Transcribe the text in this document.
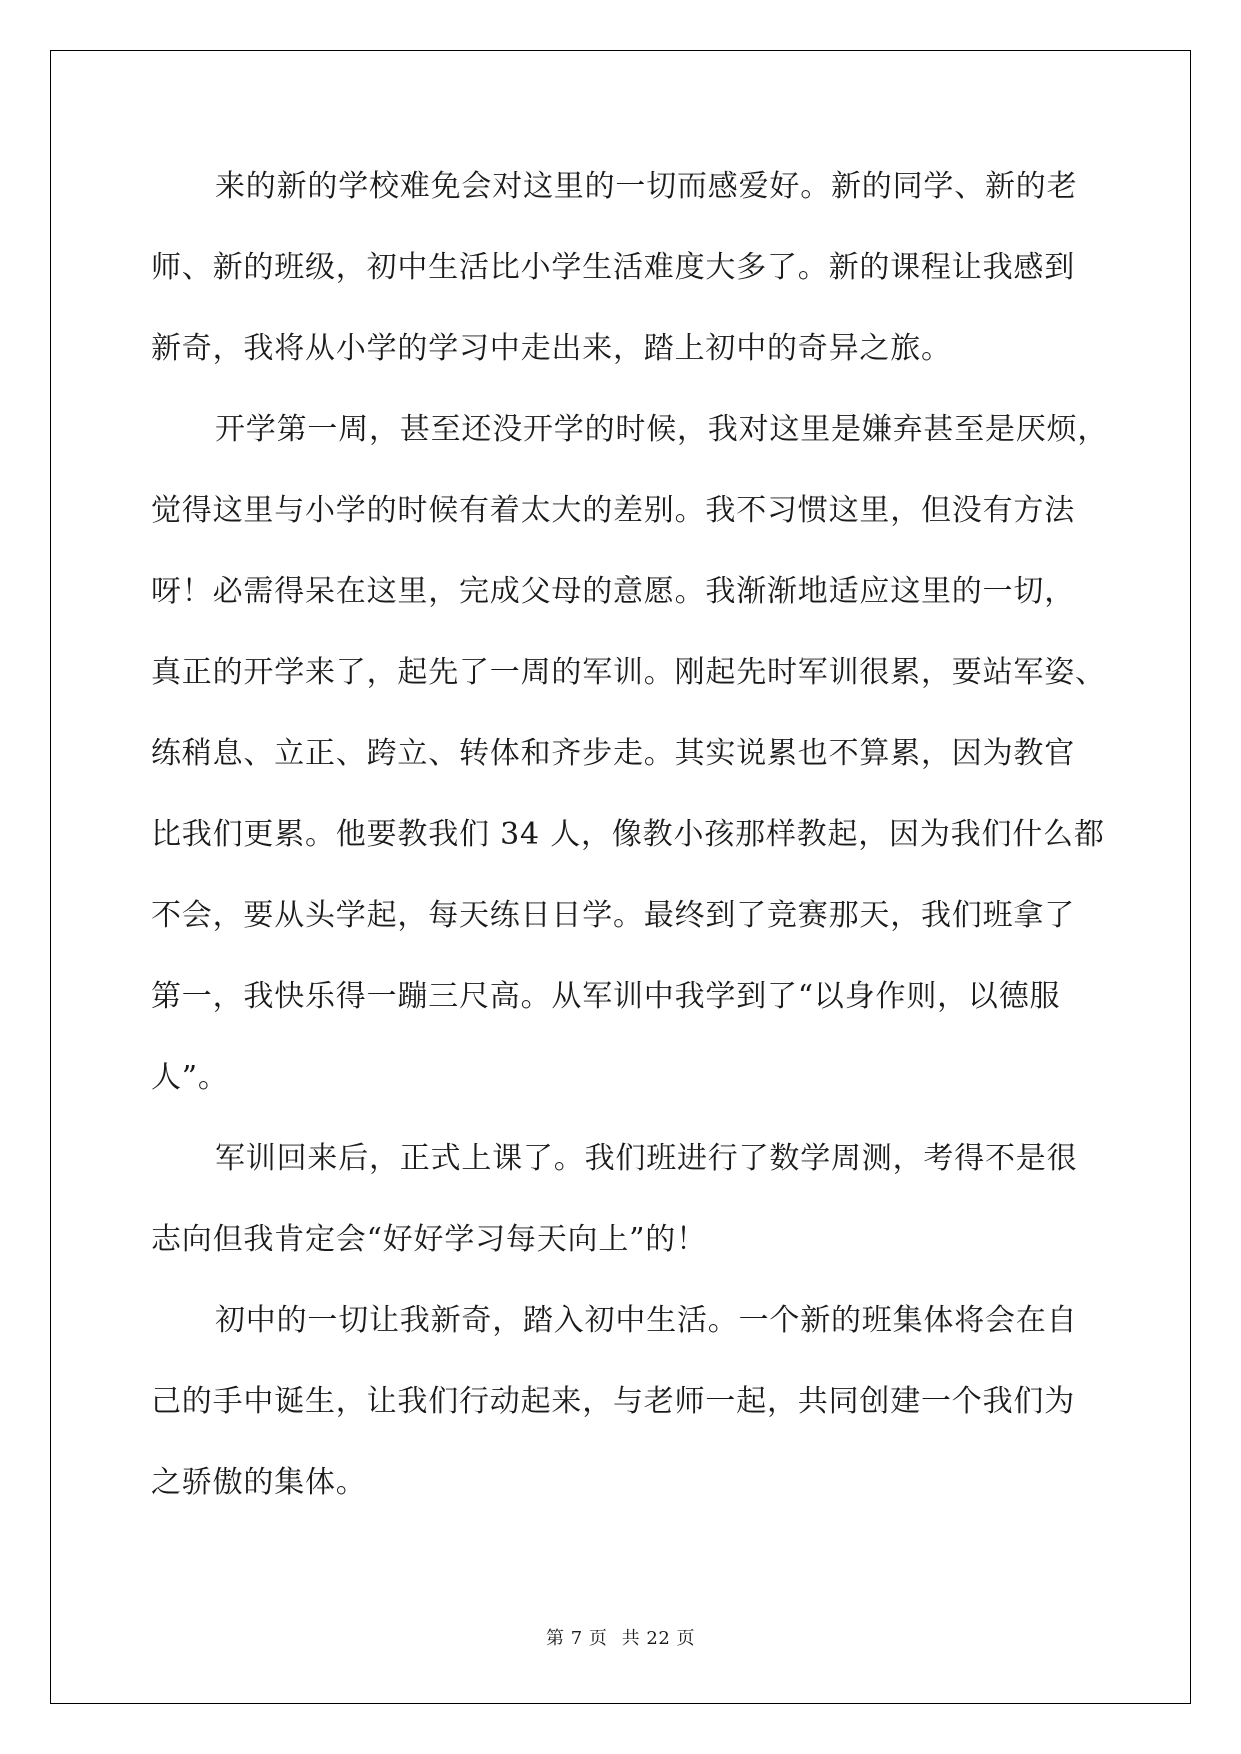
来的新的学校难免会对这里的一切而感爱好。新的同学、新的老
师、新的班级，初中生活比小学生活难度大多了。新的课程让我感到
新奇，我将从小学的学习中走出来，踏上初中的奇异之旅。

开学第一周，甚至还没开学的时候，我对这里是嫌弃甚至是厌烦，
觉得这里与小学的时候有着太大的差别。我不习惯这里，但没有方法
呀！必需得呆在这里，完成父母的意愿。我渐渐地适应这里的一切，
真正的开学来了，起先了一周的军训。刚起先时军训很累，要站军姿、
练稍息、立正、跨立、转体和齐步走。其实说累也不算累，因为教官
比我们更累。他要教我们 34 人，像教小孩那样教起，因为我们什么都
不会，要从头学起，每天练日日学。最终到了竞赛那天，我们班拿了
第一，我快乐得一蹦三尺高。从军训中我学到了“以身作则，以德服
人”。

军训回来后，正式上课了。我们班进行了数学周测，考得不是很
志向但我肯定会“好好学习每天向上”的！

初中的一切让我新奇，踏入初中生活。一个新的班集体将会在自
己的手中诞生，让我们行动起来，与老师一起，共同创建一个我们为
之骄傲的集体。

第 7 页 共 22 页
